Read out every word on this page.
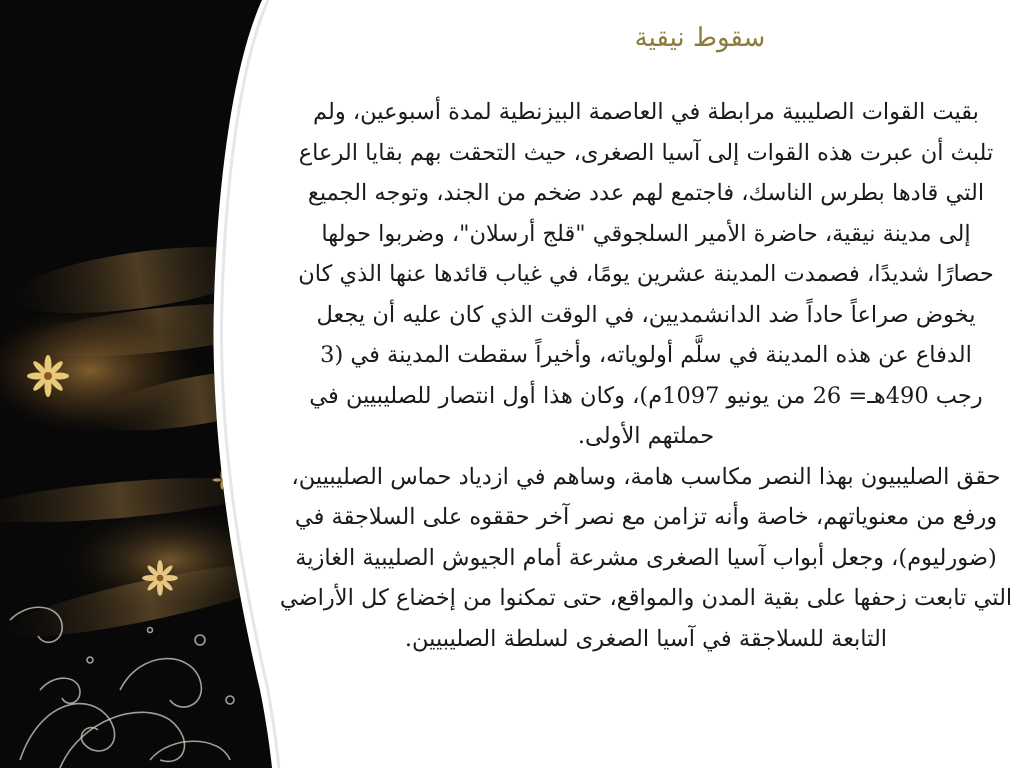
سقوط نيقية

بقيت القوات الصليبية مرابطة في العاصمة البيزنطية لمدة أسبوعين، ولم تلبث أن عبرت هذه القوات إلى آسيا الصغرى، حيث التحقت بهم بقايا الرعاع التي قادها بطرس الناسك، فاجتمع لهم عدد ضخم من الجند، وتوجه الجميع إلى مدينة نيقية، حاضرة الأمير السلجوقي "قلج أرسلان"، وضربوا حولها حصارًا شديدًا، فصمدت المدينة عشرين يومًا، في غياب قائدها عنها الذي كان يخوض صراعاً حاداً ضد الدانشمديين، في الوقت الذي كان عليه أن يجعل الدفاع عن هذه المدينة في سلَّم أولوياته، وأخيراً سقطت المدينة في (3 رجب 490هـ= 26 من يونيو 1097م)، وكان هذا أول انتصار للصليبيين في حملتهم الأولى.

حقق الصليبيون بهذا النصر مكاسب هامة، وساهم في ازدياد حماس الصليبيين، ورفع من معنوياتهم، خاصة وأنه تزامن مع نصر آخر حققوه على السلاجقة في (ضورليوم)، وجعل أبواب آسيا الصغرى مشرعة أمام الجيوش الصليبية الغازية التي تابعت زحفها على بقية المدن والمواقع، حتى تمكنوا من إخضاع كل الأراضي التابعة للسلاجقة في آسيا الصغرى لسلطة الصليبيين.
